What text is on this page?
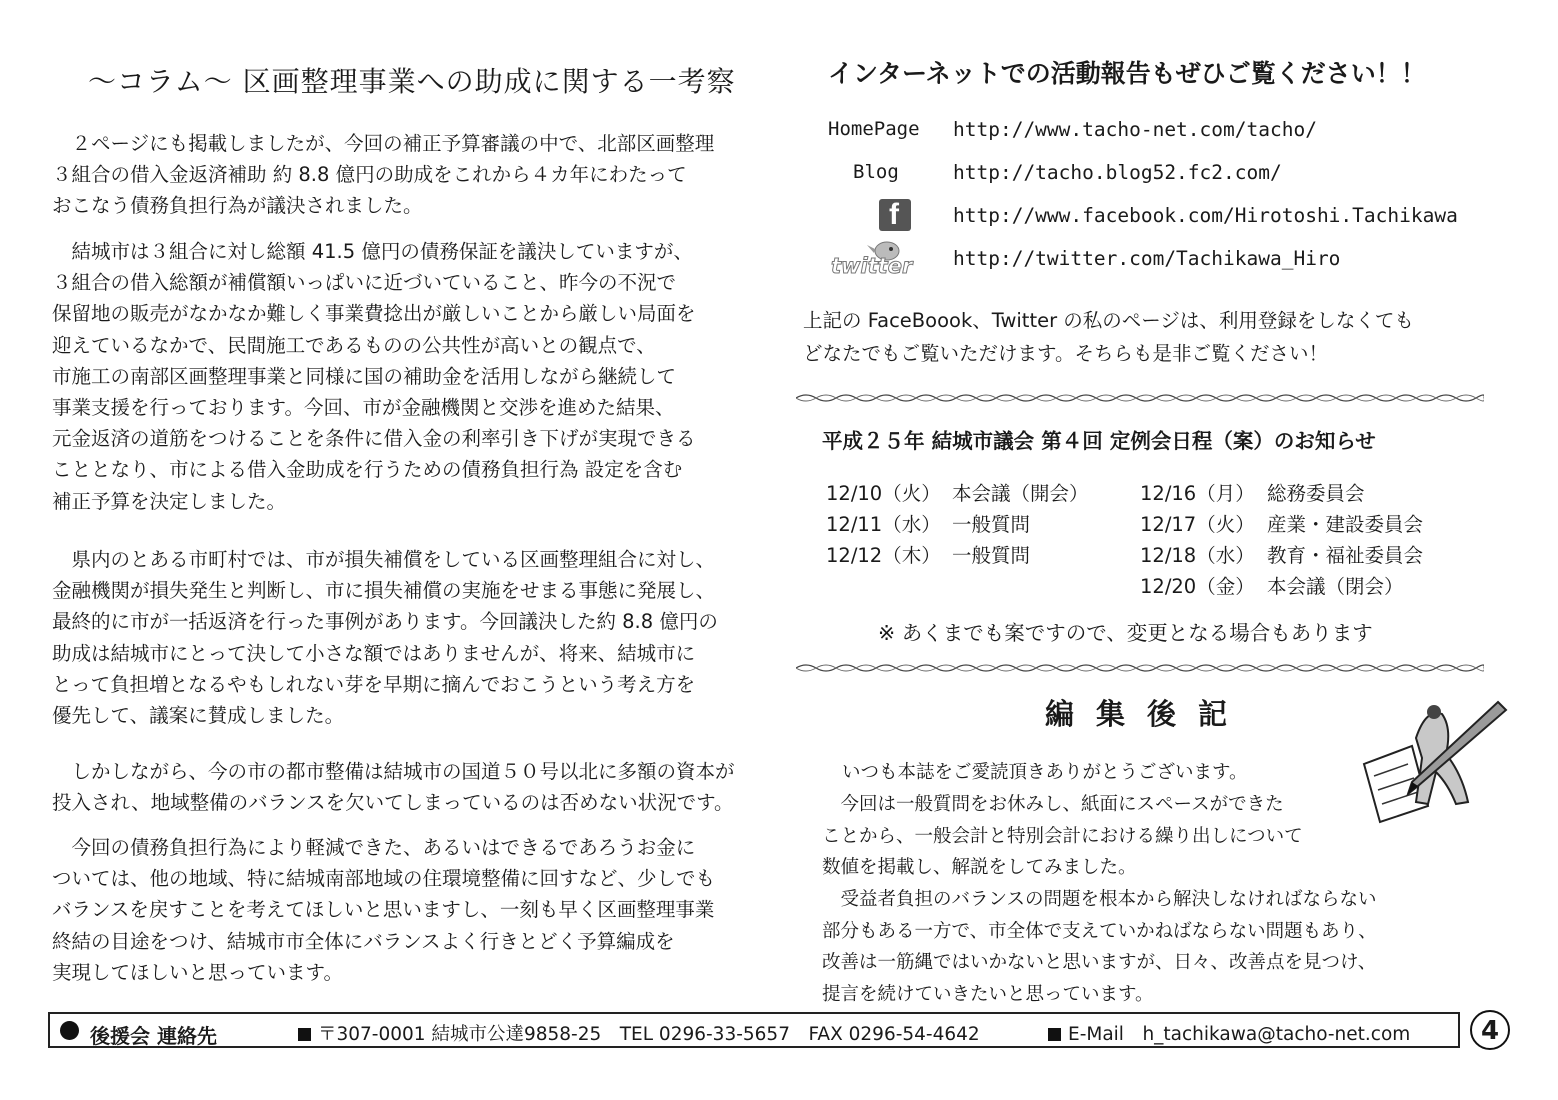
～コラム～ 区画整理事業への助成に関する一考察
　２ページにも掲載しましたが、今回の補正予算審議の中で、北部区画整理
３組合の借入金返済補助 約 8.8 億円の助成をこれから４カ年にわたって
おこなう債務負担行為が議決されました。
　結城市は３組合に対し総額 41.5 億円の債務保証を議決していますが、
３組合の借入総額が補償額いっぱいに近づいていること、昨今の不況で
保留地の販売がなかなか難しく事業費捻出が厳しいことから厳しい局面を
迎えているなかで、民間施工であるものの公共性が高いとの観点で、
市施工の南部区画整理事業と同様に国の補助金を活用しながら継続して
事業支援を行っております。今回、市が金融機関と交渉を進めた結果、
元金返済の道筋をつけることを条件に借入金の利率引き下げが実現できる
こととなり、市による借入金助成を行うための債務負担行為 設定を含む
補正予算を決定しました。
　県内のとある市町村では、市が損失補償をしている区画整理組合に対し、
金融機関が損失発生と判断し、市に損失補償の実施をせまる事態に発展し、
最終的に市が一括返済を行った事例があります。今回議決した約 8.8 億円の
助成は結城市にとって決して小さな額ではありませんが、将来、結城市に
とって負担増となるやもしれない芽を早期に摘んでおこうという考え方を
優先して、議案に賛成しました。
　しかしながら、今の市の都市整備は結城市の国道５０号以北に多額の資本が
投入され、地域整備のバランスを欠いてしまっているのは否めない状況です。
　今回の債務負担行為により軽減できた、あるいはできるであろうお金に
ついては、他の地域、特に結城南部地域の住環境整備に回すなど、少しでも
バランスを戻すことを考えてほしいと思いますし、一刻も早く区画整理事業
終結の目途をつけ、結城市市全体にバランスよく行きとどく予算編成を
実現してほしいと思っています。
インターネットでの活動報告もぜひご覧ください！！
HomePage http://www.tacho-net.com/tacho/
Blog	http://tacho.blog52.fc2.com/
f	http://www.facebook.com/Hirotoshi.Tachikawa
twitter http://twitter.com/Tachikawa_Hiro
上記の FaceBoook、Twitter の私のページは、利用登録をしなくても
どなたでもご覧いただけます。そちらも是非ご覧ください！
平成２５年 結城市議会 第４回 定例会日程（案）のお知らせ
12/10（火） 本会議（開会）
12/11（水） 一般質問
12/12（木） 一般質問
12/16（月） 総務委員会
12/17（火） 産業・建設委員会
12/18（水） 教育・福祉委員会
12/20（金） 本会議（閉会）
※ あくまでも案ですので、変更となる場合もあります
編集後記
いつも本誌をご愛読頂きありがとうございます。
　今回は一般質問をお休みし、紙面にスペースができた
ことから、一般会計と特別会計における繰り出しについて
数値を掲載し、解説をしてみました。
　受益者負担のバランスの問題を根本から解決しなければならない
部分もある一方で、市全体で支えていかねばならない問題もあり、
改善は一筋縄ではいかないと思いますが、日々、改善点を見つけ、
提言を続けていきたいと思っています。
後援会 連絡先	〒307-0001 結城市公達9858-25　TEL 0296-33-5657　FAX 0296-54-4642	E-Mail　h_tachikawa@tacho-net.com	4
